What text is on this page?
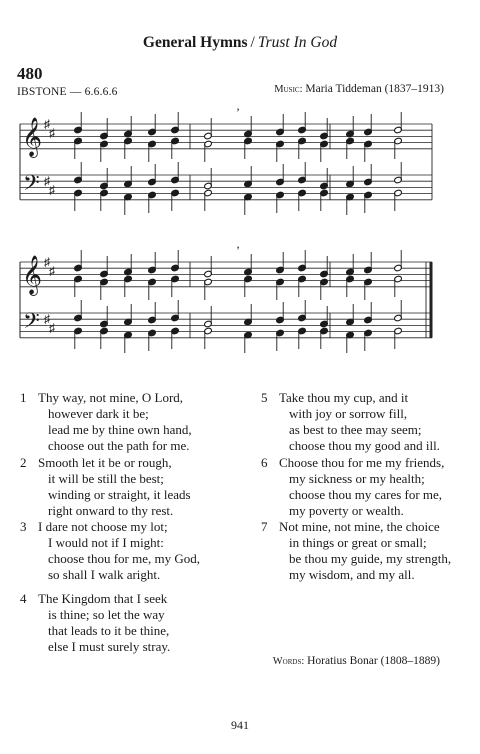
General Hymns / Trust In God
480
IBSTONE — 6.6.6.6	Music: Maria Tiddeman (1837–1913)
𝄞
𝄢
♯
♯
♯
♯
’
𝄞
𝄢
♯
♯
♯
♯
’
1 Thy way, not mine, O Lord,
however dark it be;
lead me by thine own hand,
choose out the path for me.
2 Smooth let it be or rough,
it will be still the best;
winding or straight, it leads
right onward to thy rest.
3 I dare not choose my lot;
I would not if I might:
choose thou for me, my God,
so shall I walk aright.
4 The Kingdom that I seek
is thine; so let the way
that leads to it be thine,
else I must surely stray.
5 Take thou my cup, and it
with joy or sorrow fill,
as best to thee may seem;
choose thou my good and ill.
6 Choose thou for me my friends,
my sickness or my health;
choose thou my cares for me,
my poverty or wealth.
7 Not mine, not mine, the choice
in things or great or small;
be thou my guide, my strength,
my wisdom, and my all.
Words: Horatius Bonar (1808–1889)
941
